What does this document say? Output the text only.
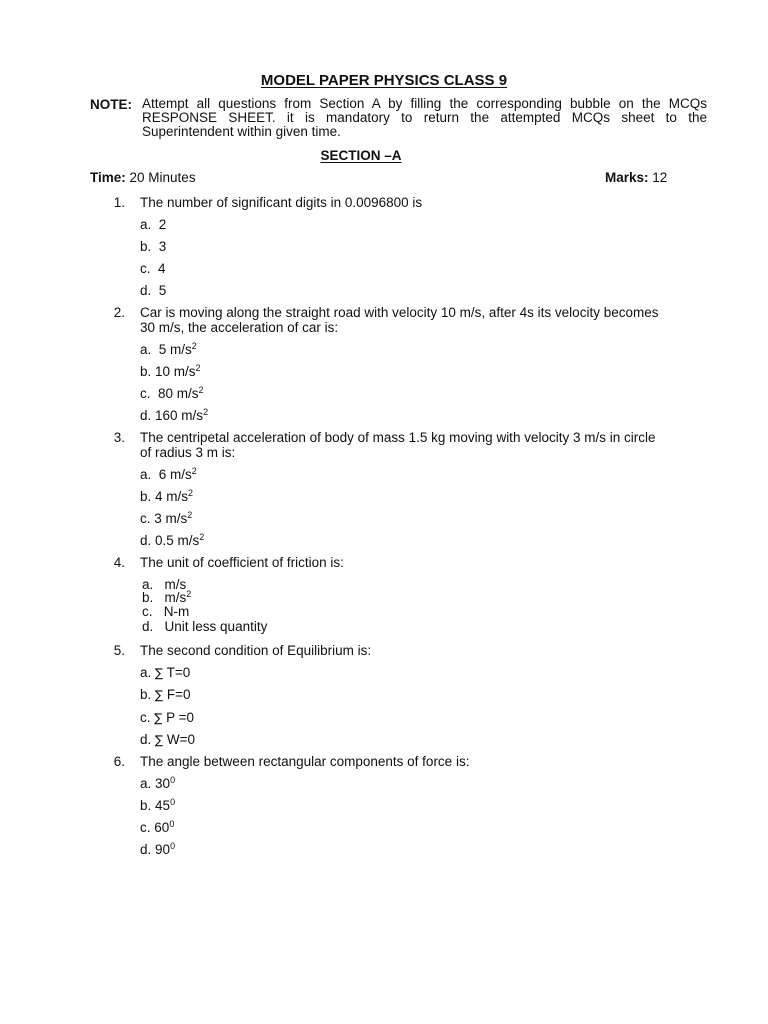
MODEL PAPER PHYSICS CLASS 9
NOTE: Attempt all questions from Section A by filling the corresponding bubble on the MCQs RESPONSE SHEET. it is mandatory to return the attempted MCQs sheet to the Superintendent within given time.
SECTION –A
Time: 20 Minutes	Marks: 12
1. The number of significant digits in 0.0096800 is
a. 2
b. 3
c. 4
d. 5
2. Car is moving along the straight road with velocity 10 m/s, after 4s its velocity becomes
30 m/s, the acceleration of car is:
a. 5 $m/s^2$
b. 10 $m/s^2$
c. 80 $m/s^2$
d. 160 $m/s^2$
3. The centripetal acceleration of body of mass 1.5 kg moving with velocity 3 m/s in circle
of radius 3 m is:
a. 6 $m/s^2$
b. 4 $m/s^2$
c. 3 $m/s^2$
d. 0.5 $m/s^2$
4. The unit of coefficient of friction is:
a. m/s
b. $m/s^2$
c. N-m
d. Unit less quantity
5. The second condition of Equilibrium is:
a. ∑ T=0
b. ∑ F=0
c. ∑ P =0
d. ∑ W=0
6. The angle between rectangular components of force is:
a. $30^0$
b. $45^0$
c. $60^0$
d. $90^0$
